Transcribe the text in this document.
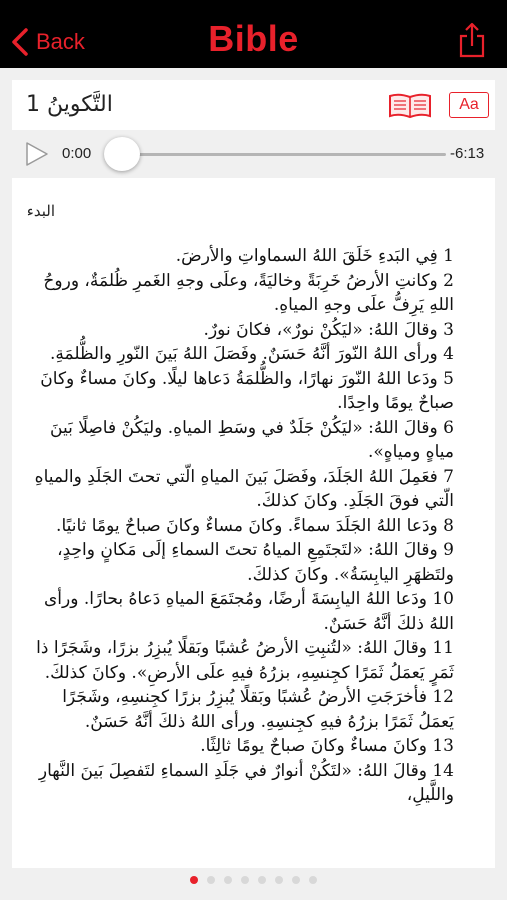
Back	Bible
التَّكوينُ 1	Aa
0:00	-6:13
البدء
1 فِي البَدءِ خَلَقَ اللهُ السماواتِ والأرضَ.
2 وكانتِ الأرضُ خَرِبَةً وخاليَةً، وعلَى وجهِ الغَمرِ ظُلمَةٌ، وروحُ اللهِ يَرِفُّ علَى وجهِ المياهِ.
3 وقالَ اللهُ: «ليَكُنْ نورٌ»، فكانَ نورٌ.
4 ورأى اللهُ النّورَ أنَّهُ حَسَنٌ. وفَصَلَ اللهُ بَينَ النّورِ والظُّلمَةِ.
5 ودَعا اللهُ النّورَ نهارًا، والظُّلمَةُ دَعاها ليلًا. وكانَ مساءٌ وكانَ صباحٌ يومًا واحِدًا.
6 وقالَ اللهُ: «ليَكُنْ جَلَدٌ في وسَطِ المياهِ. وليَكُنْ فاصِلًا بَينَ مياهٍ ومياهٍ».
7 فعَمِلَ اللهُ الجَلَدَ، وفَصَلَ بَينَ المياهِ الّتي تحتَ الجَلَدِ والمياهِ الّتي فوقَ الجَلَدِ. وكانَ كذلكَ.
8 ودَعا اللهُ الجَلَدَ سماءً. وكانَ مساءٌ وكانَ صباحٌ يومًا ثانيًا.
9 وقالَ اللهُ: «لتَجتَمِعِ المياهُ تحتَ السماءِ إلَى مَكانٍ واحِدٍ، ولتَظهَرِ اليابِسَةُ». وكانَ كذلكَ.
10 ودَعا اللهُ اليابِسَةَ أرضًا، ومُجتَمَعَ المياهِ دَعاهُ بحارًا. ورأى اللهُ ذلكَ أنَّهُ حَسَنٌ.
11 وقالَ اللهُ: «لتُنبِتِ الأرضُ عُشبًا وبَقلًا يُبزِرُ بزرًا، وشَجَرًا ذا ثَمَرٍ يَعمَلُ ثَمَرًا كجِنسِهِ، بزرُهُ فيهِ علَى الأرضِ». وكانَ كذلكَ.
12 فأخرَجَتِ الأرضُ عُشبًا وبَقلًا يُبزِرُ بزرًا كجِنسِهِ، وشَجَرًا يَعمَلُ ثَمَرًا بزرُهُ فيهِ كجِنسِهِ. ورأى اللهُ ذلكَ أنَّهُ حَسَنٌ.
13 وكانَ مساءٌ وكانَ صباحٌ يومًا ثالِثًا.
14 وقالَ اللهُ: «لتَكُنْ أنوارٌ في جَلَدِ السماءِ لتَفصِلَ بَينَ النَّهارِ واللَّيلِ،
